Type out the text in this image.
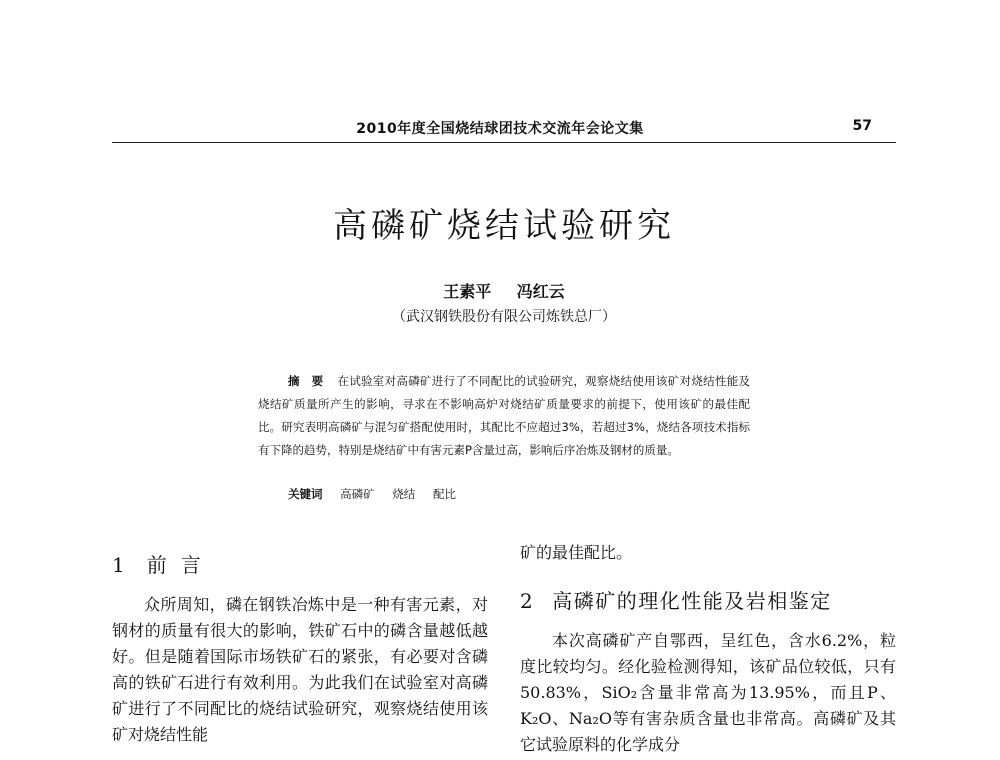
2010年度全国烧结球团技术交流年会论文集	57
高磷矿烧结试验研究
王素平 冯红云
（武汉钢铁股份有限公司炼铁总厂）
摘　要 在试验室对高磷矿进行了不同配比的试验研究，观察烧结使用该矿对烧结性能及烧结矿质量所产生的影响，寻求在不影响高炉对烧结矿质量要求的前提下，使用该矿的最佳配比。研究表明高磷矿与混匀矿搭配使用时，其配比不应超过3%，若超过3%，烧结各项技术指标有下降的趋势，特别是烧结矿中有害元素P含量过高，影响后序冶炼及钢材的质量。
关键词 高磷矿 烧结 配比
1 前言

众所周知，磷在钢铁冶炼中是一种有害元素，对钢材的质量有很大的影响，铁矿石中的磷含量越低越好。但是随着国际市场铁矿石的紧张，有必要对含磷高的铁矿石进行有效利用。为此我们在试验室对高磷矿进行了不同配比的烧结试验研究，观察烧结使用该矿对烧结性能

矿的最佳配比。
2 高磷矿的理化性能及岩相鉴定

本次高磷矿产自鄂西，呈红色，含水6.2%，粒度比较均匀。经化验检测得知，该矿品位较低，只有50.83%，SiO₂含量非常高为13.95%，而且P、K₂O、Na₂O等有害杂质含量也非常高。高磷矿及其它试验原料的化学成分
